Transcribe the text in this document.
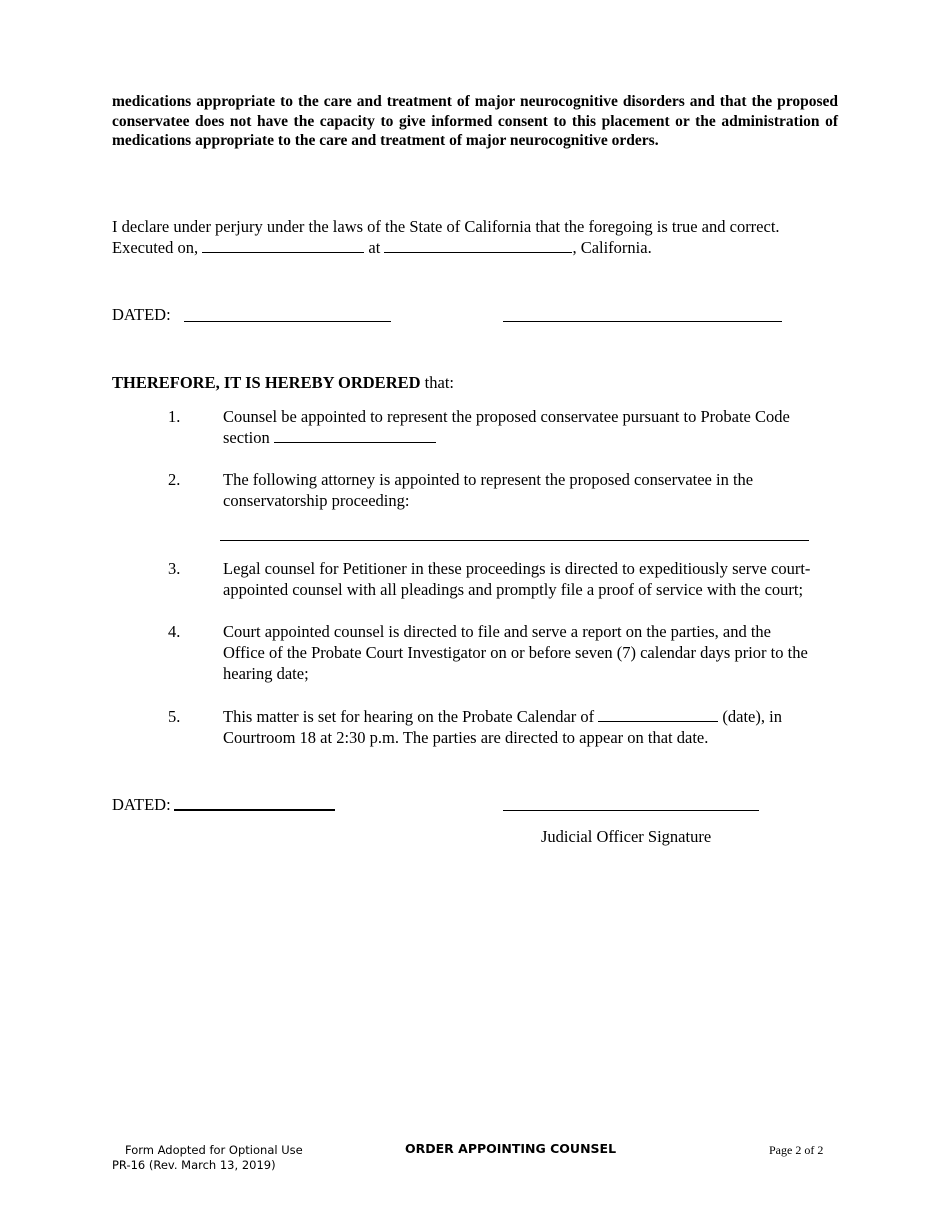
medications appropriate to the care and treatment of major neurocognitive disorders and that the proposed conservatee does not have the capacity to give informed consent to this placement or the administration of medications appropriate to the care and treatment of major neurocognitive orders.
I declare under perjury under the laws of the State of California that the foregoing is true and correct.
Executed on,	at	, California.
DATED:
THEREFORE, IT IS HEREBY ORDERED that:
1.	Counsel be appointed to represent the proposed conservatee pursuant to Probate Code
section
2.	The following attorney is appointed to represent the proposed conservatee in the
conservatorship proceeding:
3.	Legal counsel for Petitioner in these proceedings is directed to expeditiously serve court-
appointed counsel with all pleadings and promptly file a proof of service with the court;
4.	Court appointed counsel is directed to file and serve a report on the parties, and the
Office of the Probate Court Investigator on or before seven (7) calendar days prior to the
hearing date;
5.	This matter is set for hearing on the Probate Calendar of	(date), in
Courtroom 18 at 2:30 p.m. The parties are directed to appear on that date.
DATED:
Judicial Officer Signature
Form Adopted for Optional Use
PR-16 (Rev. March 13, 2019)
ORDER APPOINTING COUNSEL	Page 2 of 2
